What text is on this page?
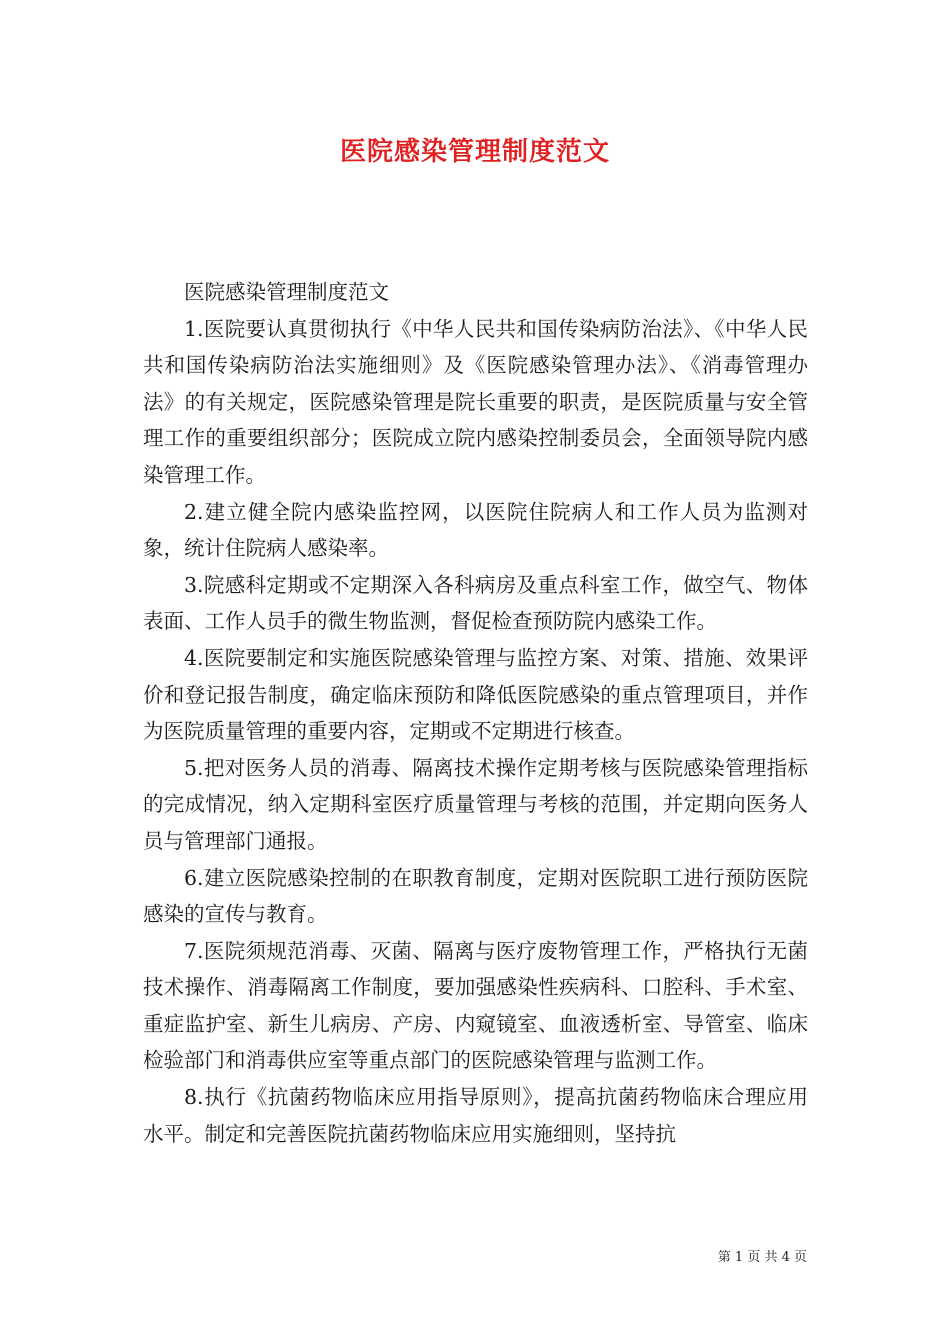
医院感染管理制度范文

医院感染管理制度范文

1.医院要认真贯彻执行《中华人民共和国传染病防治法》、《中华人民共和国传染病防治法实施细则》及《医院感染管理办法》、《消毒管理办法》的有关规定，医院感染管理是院长重要的职责，是医院质量与安全管理工作的重要组织部分；医院成立院内感染控制委员会，全面领导院内感染管理工作。

2.建立健全院内感染监控网，以医院住院病人和工作人员为监测对象，统计住院病人感染率。

3.院感科定期或不定期深入各科病房及重点科室工作，做空气、物体表面、工作人员手的微生物监测，督促检查预防院内感染工作。

4.医院要制定和实施医院感染管理与监控方案、对策、措施、效果评价和登记报告制度，确定临床预防和降低医院感染的重点管理项目，并作为医院质量管理的重要内容，定期或不定期进行核查。

5.把对医务人员的消毒、隔离技术操作定期考核与医院感染管理指标的完成情况，纳入定期科室医疗质量管理与考核的范围，并定期向医务人员与管理部门通报。

6.建立医院感染控制的在职教育制度，定期对医院职工进行预防医院感染的宣传与教育。

7.医院须规范消毒、灭菌、隔离与医疗废物管理工作，严格执行无菌技术操作、消毒隔离工作制度，要加强感染性疾病科、口腔科、手术室、重症监护室、新生儿病房、产房、内窥镜室、血液透析室、导管室、临床检验部门和消毒供应室等重点部门的医院感染管理与监测工作。

8.执行《抗菌药物临床应用指导原则》，提高抗菌药物临床合理应用水平。制定和完善医院抗菌药物临床应用实施细则，坚持抗

第 1 页 共 4 页
